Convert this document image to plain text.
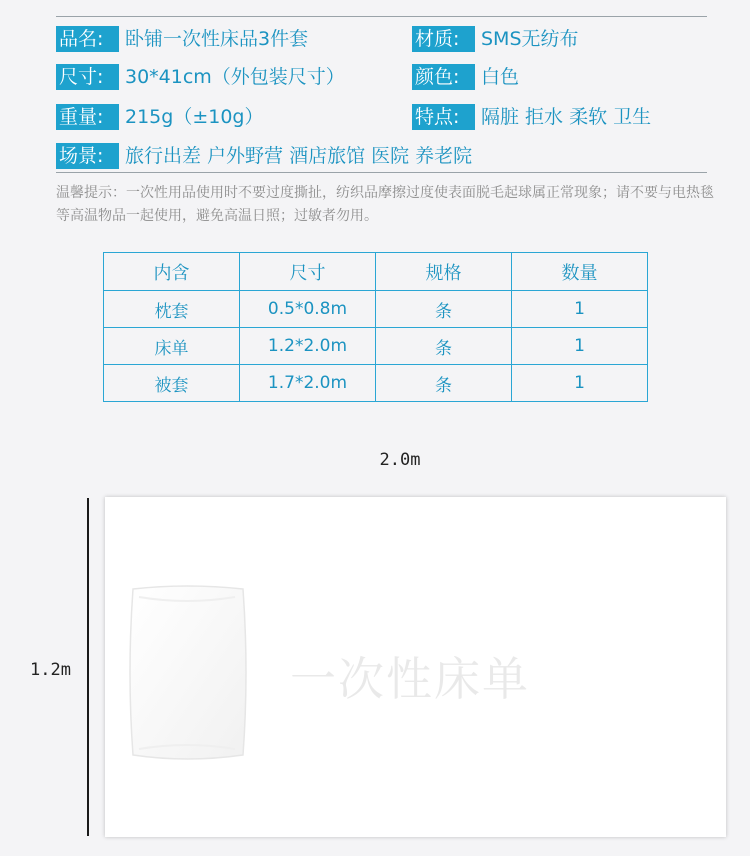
品名:	卧铺一次性床品3件套	材质:	SMS无纺布
尺寸:	30*41cm（外包装尺寸）	颜色:	白色
重量:	215g（±10g）	特点:	隔脏 拒水 柔软 卫生
场景:	旅行出差 户外野营 酒店旅馆 医院 养老院
温馨提示：一次性用品使用时不要过度撕扯，纺织品摩擦过度使表面脱毛起球属正常现象；请不要与电热毯等高温物品一起使用，避免高温日照；过敏者勿用。
内含	尺寸	规格	数量
枕套	0.5*0.8m	条	1
床单	1.2*2.0m	条	1
被套	1.7*2.0m	条	1
2.0m
1.2m	一次性床单
